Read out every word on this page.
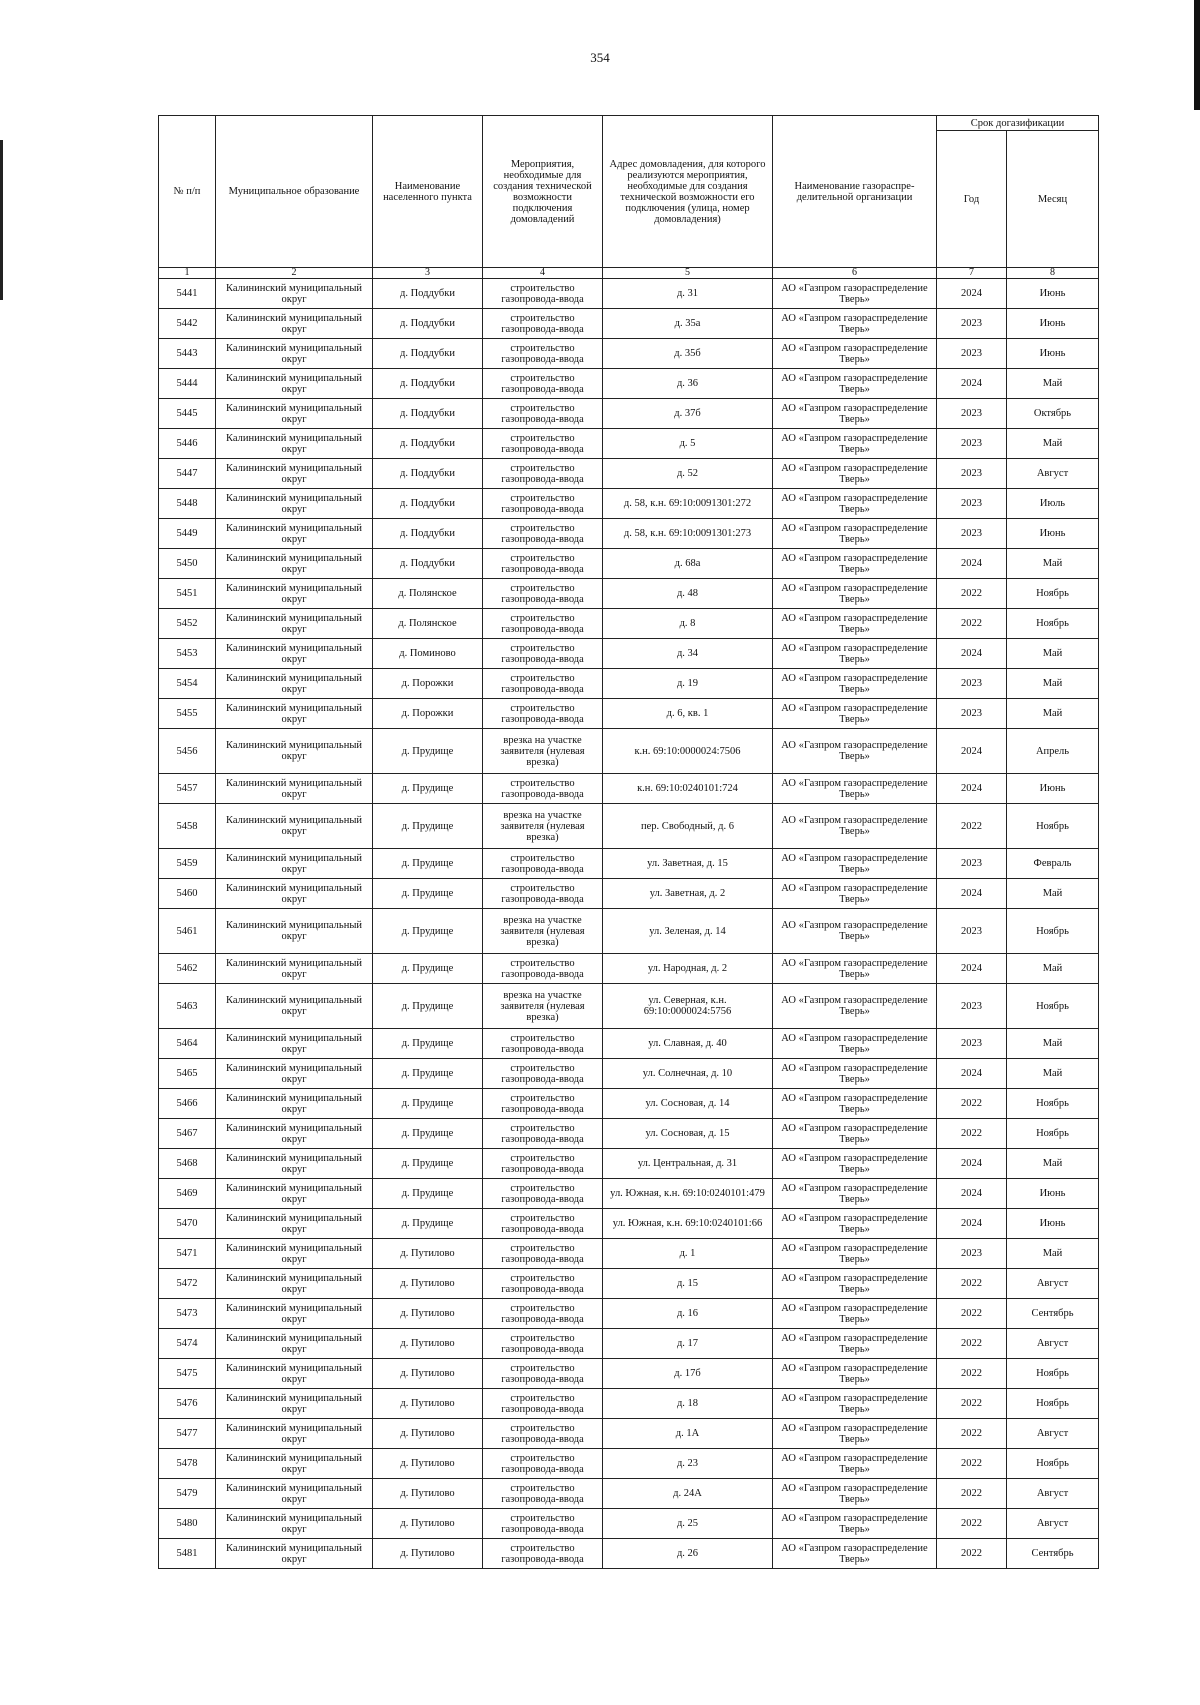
354
№ п/п	Муниципальное образование	Наименование населенного пункта	Мероприятия, необходимые для создания технической возможности подключения домовладений	Адрес домовладения, для которого реализуются мероприятия, необходимые для создания технической возможности его подключения (улица, номер домовладения)	Наименование газораспре-делительной организации	Срок догазификации	
						Год	Месяц
1	2	3	4	5	6	7	8
5441	Калининский муниципальный округ	д. Поддубки	строительство газопровода-ввода	д. 31	АО «Газпром газораспределение Тверь»	2024	Июнь
5442	Калининский муниципальный округ	д. Поддубки	строительство газопровода-ввода	д. 35а	АО «Газпром газораспределение Тверь»	2023	Июнь
5443	Калининский муниципальный округ	д. Поддубки	строительство газопровода-ввода	д. 35б	АО «Газпром газораспределение Тверь»	2023	Июнь
5444	Калининский муниципальный округ	д. Поддубки	строительство газопровода-ввода	д. 36	АО «Газпром газораспределение Тверь»	2024	Май
5445	Калининский муниципальный округ	д. Поддубки	строительство газопровода-ввода	д. 37б	АО «Газпром газораспределение Тверь»	2023	Октябрь
5446	Калининский муниципальный округ	д. Поддубки	строительство газопровода-ввода	д. 5	АО «Газпром газораспределение Тверь»	2023	Май
5447	Калининский муниципальный округ	д. Поддубки	строительство газопровода-ввода	д. 52	АО «Газпром газораспределение Тверь»	2023	Август
5448	Калининский муниципальный округ	д. Поддубки	строительство газопровода-ввода	д. 58, к.н. 69:10:0091301:272	АО «Газпром газораспределение Тверь»	2023	Июль
5449	Калининский муниципальный округ	д. Поддубки	строительство газопровода-ввода	д. 58, к.н. 69:10:0091301:273	АО «Газпром газораспределение Тверь»	2023	Июнь
5450	Калининский муниципальный округ	д. Поддубки	строительство газопровода-ввода	д. 68а	АО «Газпром газораспределение Тверь»	2024	Май
5451	Калининский муниципальный округ	д. Полянское	строительство газопровода-ввода	д. 48	АО «Газпром газораспределение Тверь»	2022	Ноябрь
5452	Калининский муниципальный округ	д. Полянское	строительство газопровода-ввода	д. 8	АО «Газпром газораспределение Тверь»	2022	Ноябрь
5453	Калининский муниципальный округ	д. Поминово	строительство газопровода-ввода	д. 34	АО «Газпром газораспределение Тверь»	2024	Май
5454	Калининский муниципальный округ	д. Порожки	строительство газопровода-ввода	д. 19	АО «Газпром газораспределение Тверь»	2023	Май
5455	Калининский муниципальный округ	д. Порожки	строительство газопровода-ввода	д. 6, кв. 1	АО «Газпром газораспределение Тверь»	2023	Май
5456	Калининский муниципальный округ	д. Прудище	врезка на участке заявителя (нулевая врезка)	к.н. 69:10:0000024:7506	АО «Газпром газораспределение Тверь»	2024	Апрель
5457	Калининский муниципальный округ	д. Прудище	строительство газопровода-ввода	к.н. 69:10:0240101:724	АО «Газпром газораспределение Тверь»	2024	Июнь
5458	Калининский муниципальный округ	д. Прудище	врезка на участке заявителя (нулевая врезка)	пер. Свободный, д. 6	АО «Газпром газораспределение Тверь»	2022	Ноябрь
5459	Калининский муниципальный округ	д. Прудище	строительство газопровода-ввода	ул. Заветная, д. 15	АО «Газпром газораспределение Тверь»	2023	Февраль
5460	Калининский муниципальный округ	д. Прудище	строительство газопровода-ввода	ул. Заветная, д. 2	АО «Газпром газораспределение Тверь»	2024	Май
5461	Калининский муниципальный округ	д. Прудище	врезка на участке заявителя (нулевая врезка)	ул. Зеленая, д. 14	АО «Газпром газораспределение Тверь»	2023	Ноябрь
5462	Калининский муниципальный округ	д. Прудище	строительство газопровода-ввода	ул. Народная, д. 2	АО «Газпром газораспределение Тверь»	2024	Май
5463	Калининский муниципальный округ	д. Прудище	врезка на участке заявителя (нулевая врезка)	ул. Северная, к.н. 69:10:0000024:5756	АО «Газпром газораспределение Тверь»	2023	Ноябрь
5464	Калининский муниципальный округ	д. Прудище	строительство газопровода-ввода	ул. Славная, д. 40	АО «Газпром газораспределение Тверь»	2023	Май
5465	Калининский муниципальный округ	д. Прудище	строительство газопровода-ввода	ул. Солнечная, д. 10	АО «Газпром газораспределение Тверь»	2024	Май
5466	Калининский муниципальный округ	д. Прудище	строительство газопровода-ввода	ул. Сосновая, д. 14	АО «Газпром газораспределение Тверь»	2022	Ноябрь
5467	Калининский муниципальный округ	д. Прудище	строительство газопровода-ввода	ул. Сосновая, д. 15	АО «Газпром газораспределение Тверь»	2022	Ноябрь
5468	Калининский муниципальный округ	д. Прудище	строительство газопровода-ввода	ул. Центральная, д. 31	АО «Газпром газораспределение Тверь»	2024	Май
5469	Калининский муниципальный округ	д. Прудище	строительство газопровода-ввода	ул. Южная, к.н. 69:10:0240101:479	АО «Газпром газораспределение Тверь»	2024	Июнь
5470	Калининский муниципальный округ	д. Прудище	строительство газопровода-ввода	ул. Южная, к.н. 69:10:0240101:66	АО «Газпром газораспределение Тверь»	2024	Июнь
5471	Калининский муниципальный округ	д. Путилово	строительство газопровода-ввода	д. 1	АО «Газпром газораспределение Тверь»	2023	Май
5472	Калининский муниципальный округ	д. Путилово	строительство газопровода-ввода	д. 15	АО «Газпром газораспределение Тверь»	2022	Август
5473	Калининский муниципальный округ	д. Путилово	строительство газопровода-ввода	д. 16	АО «Газпром газораспределение Тверь»	2022	Сентябрь
5474	Калининский муниципальный округ	д. Путилово	строительство газопровода-ввода	д. 17	АО «Газпром газораспределение Тверь»	2022	Август
5475	Калининский муниципальный округ	д. Путилово	строительство газопровода-ввода	д. 17б	АО «Газпром газораспределение Тверь»	2022	Ноябрь
5476	Калининский муниципальный округ	д. Путилово	строительство газопровода-ввода	д. 18	АО «Газпром газораспределение Тверь»	2022	Ноябрь
5477	Калининский муниципальный округ	д. Путилово	строительство газопровода-ввода	д. 1А	АО «Газпром газораспределение Тверь»	2022	Август
5478	Калининский муниципальный округ	д. Путилово	строительство газопровода-ввода	д. 23	АО «Газпром газораспределение Тверь»	2022	Ноябрь
5479	Калининский муниципальный округ	д. Путилово	строительство газопровода-ввода	д. 24А	АО «Газпром газораспределение Тверь»	2022	Август
5480	Калининский муниципальный округ	д. Путилово	строительство газопровода-ввода	д. 25	АО «Газпром газораспределение Тверь»	2022	Август
5481	Калининский муниципальный округ	д. Путилово	строительство газопровода-ввода	д. 26	АО «Газпром газораспределение Тверь»	2022	Сентябрь
